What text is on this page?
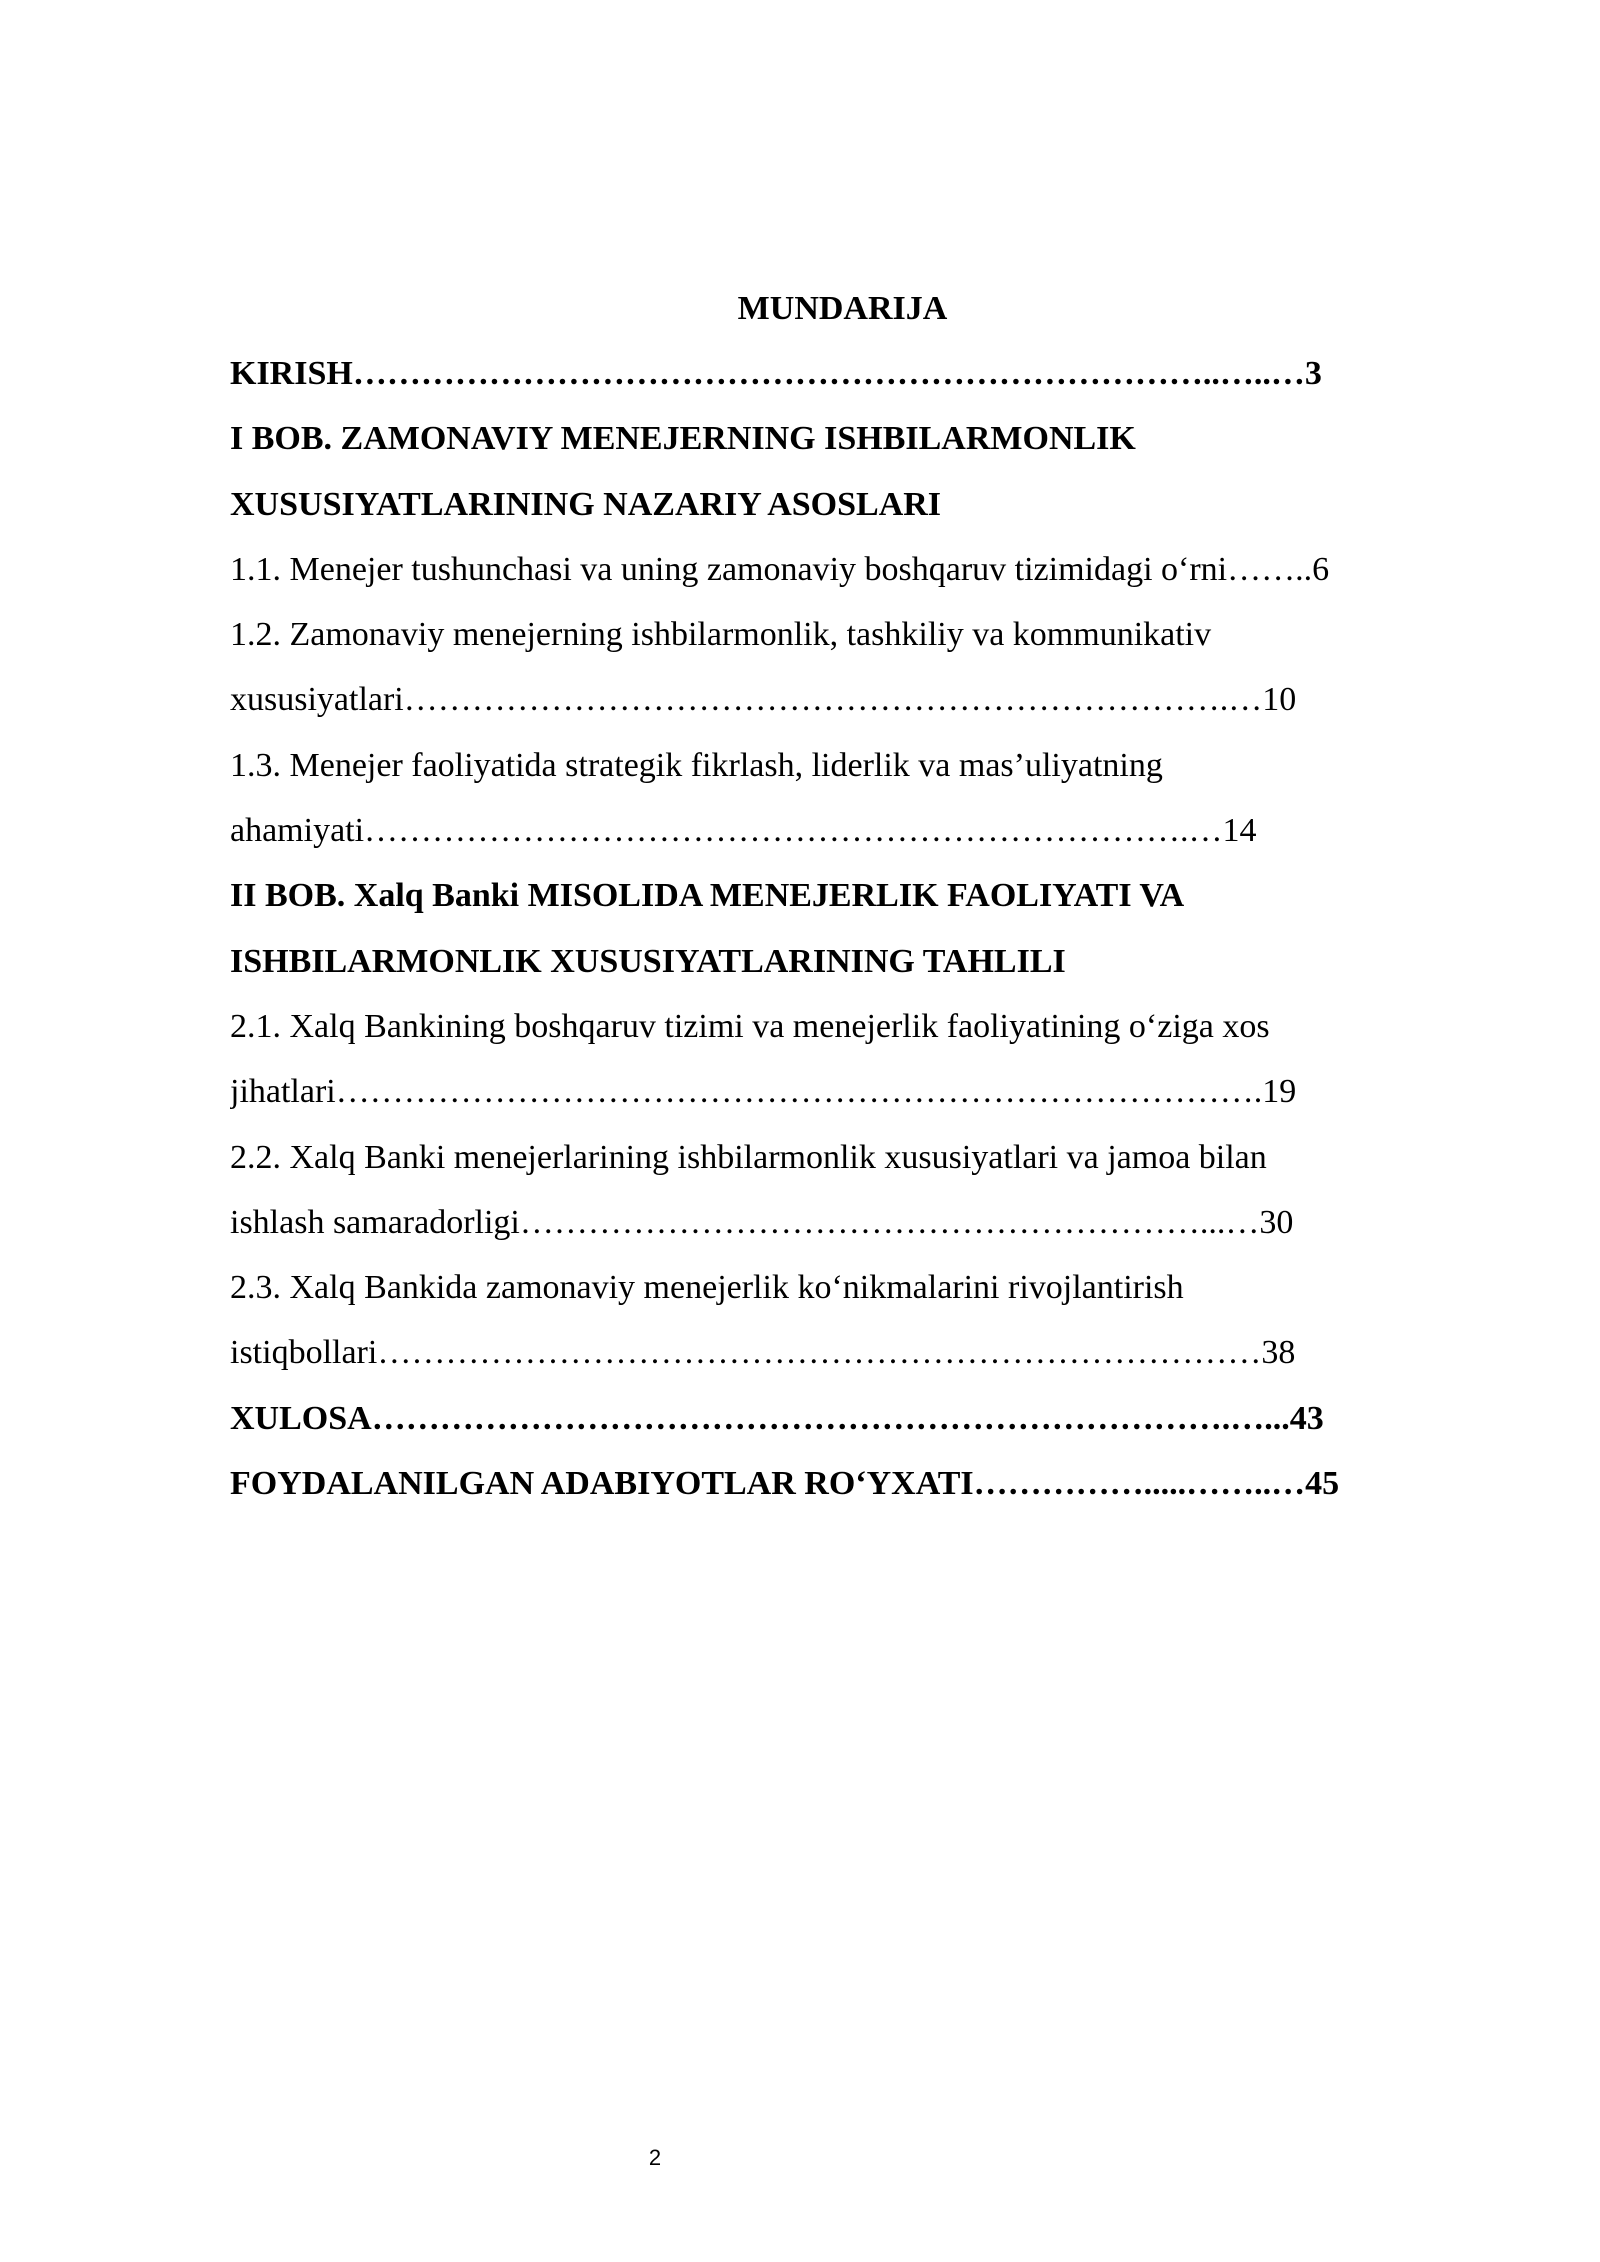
MUNDARIJA
KIRISH…………………………………………………………………..…..…3
I BOB. ZAMONAVIY MENEJERNING ISHBILARMONLIK
XUSUSIYATLARINING NAZARIY ASOSLARI
1.1. Menejer tushunchasi va uning zamonaviy boshqaruv tizimidagi o‘rni……..6
1.2. Zamonaviy menejerning ishbilarmonlik, tashkiliy va kommunikativ
xususiyatlari……………………………………………………………….…10
1.3. Menejer faoliyatida strategik fikrlash, liderlik va mas’uliyatning
ahamiyati……………………………………………………………….…14
II BOB. Xalq Banki MISOLIDA MENEJERLIK FAOLIYATI VA
ISHBILARMONLIK XUSUSIYATLARINING TAHLILI
2.1. Xalq Bankining boshqaruv tizimi va menejerlik faoliyatining o‘ziga xos
jihatlari……………………………………………………………………….19
2.2. Xalq Banki menejerlarining ishbilarmonlik xususiyatlari va jamoa bilan
ishlash samaradorligi……………………………………………………...…30
2.3. Xalq Bankida zamonaviy menejerlik ko‘nikmalarini rivojlantirish
istiqbollari……………………………………………………………………38
XULOSA………………………………………………………………….…...43
FOYDALANILGAN ADABIYOTLAR RO‘YXATI…………….....……..…45
2
